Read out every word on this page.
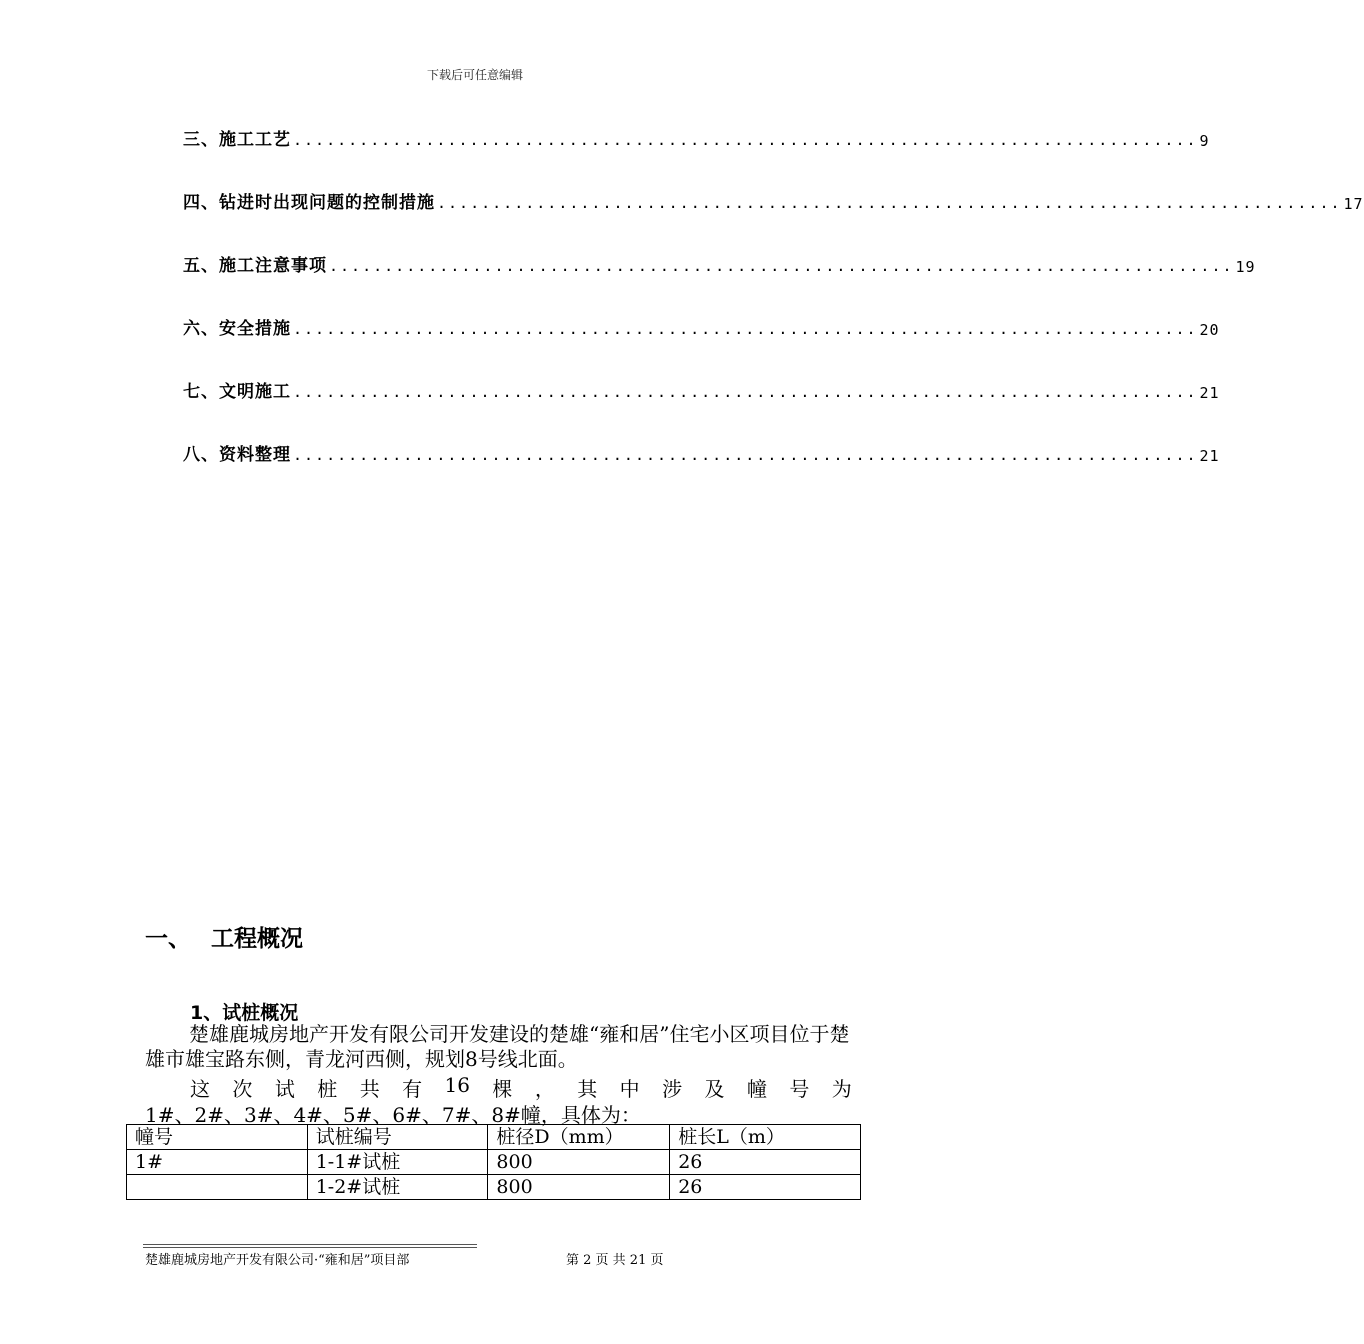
下载后可任意编辑
三、施工工艺 .................................................................................. 9
四、钻进时出现问题的控制措施 .................................................................................. 17
五、施工注意事项 .................................................................................. 19
六、安全措施 .................................................................................. 20
七、文明施工 .................................................................................. 21
八、资料整理 .................................................................................. 21
一、 工程概况
1、试桩概况
楚雄鹿城房地产开发有限公司开发建设的楚雄“雍和居”住宅小区项目位于楚雄市雄宝路东侧，青龙河西侧，规划8号线北面。
这 次 试 桩 共 有 16 棵 ， 其 中 涉 及 幢 号 为
1#、2#、3#、4#、5#、6#、7#、8#幢，具体为：
幢号	试桩编号	桩径D（mm）	桩长L（m）
1#	1-1#试桩	800	26
	1-2#试桩	800	26
楚雄鹿城房地产开发有限公司·“雍和居”项目部	第 2 页 共 21 页
